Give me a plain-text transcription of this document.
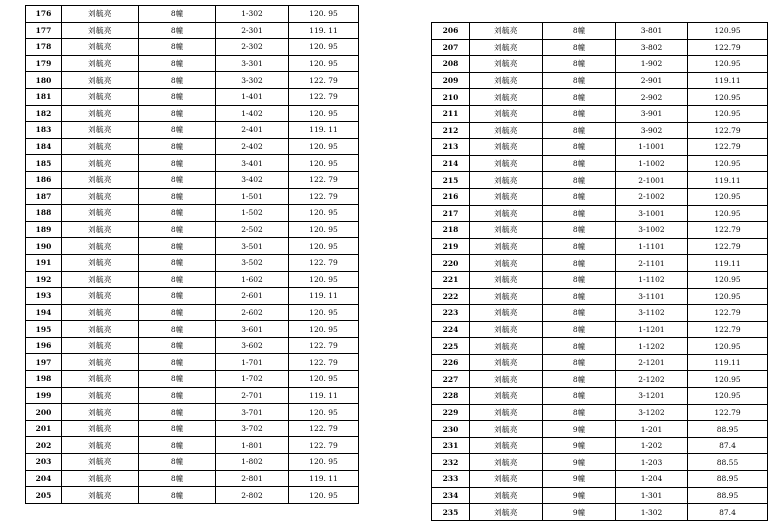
176	刘毓亮	8幢	1-302	120. 95
177	刘毓亮	8幢	2-301	119. 11
178	刘毓亮	8幢	2-302	120. 95
179	刘毓亮	8幢	3-301	120. 95
180	刘毓亮	8幢	3-302	122. 79
181	刘毓亮	8幢	1-401	122. 79
182	刘毓亮	8幢	1-402	120. 95
183	刘毓亮	8幢	2-401	119. 11
184	刘毓亮	8幢	2-402	120. 95
185	刘毓亮	8幢	3-401	120. 95
186	刘毓亮	8幢	3-402	122. 79
187	刘毓亮	8幢	1-501	122. 79
188	刘毓亮	8幢	1-502	120. 95
189	刘毓亮	8幢	2-502	120. 95
190	刘毓亮	8幢	3-501	120. 95
191	刘毓亮	8幢	3-502	122. 79
192	刘毓亮	8幢	1-602	120. 95
193	刘毓亮	8幢	2-601	119. 11
194	刘毓亮	8幢	2-602	120. 95
195	刘毓亮	8幢	3-601	120. 95
196	刘毓亮	8幢	3-602	122. 79
197	刘毓亮	8幢	1-701	122. 79
198	刘毓亮	8幢	1-702	120. 95
199	刘毓亮	8幢	2-701	119. 11
200	刘毓亮	8幢	3-701	120. 95
201	刘毓亮	8幢	3-702	122. 79
202	刘毓亮	8幢	1-801	122. 79
203	刘毓亮	8幢	1-802	120. 95
204	刘毓亮	8幢	2-801	119. 11
205	刘毓亮	8幢	2-802	120. 95
206	刘毓亮	8幢	3-801	120.95
207	刘毓亮	8幢	3-802	122.79
208	刘毓亮	8幢	1-902	120.95
209	刘毓亮	8幢	2-901	119.11
210	刘毓亮	8幢	2-902	120.95
211	刘毓亮	8幢	3-901	120.95
212	刘毓亮	8幢	3-902	122.79
213	刘毓亮	8幢	1-1001	122.79
214	刘毓亮	8幢	1-1002	120.95
215	刘毓亮	8幢	2-1001	119.11
216	刘毓亮	8幢	2-1002	120.95
217	刘毓亮	8幢	3-1001	120.95
218	刘毓亮	8幢	3-1002	122.79
219	刘毓亮	8幢	1-1101	122.79
220	刘毓亮	8幢	2-1101	119.11
221	刘毓亮	8幢	1-1102	120.95
222	刘毓亮	8幢	3-1101	120.95
223	刘毓亮	8幢	3-1102	122.79
224	刘毓亮	8幢	1-1201	122.79
225	刘毓亮	8幢	1-1202	120.95
226	刘毓亮	8幢	2-1201	119.11
227	刘毓亮	8幢	2-1202	120.95
228	刘毓亮	8幢	3-1201	120.95
229	刘毓亮	8幢	3-1202	122.79
230	刘毓亮	9幢	1-201	88.95
231	刘毓亮	9幢	1-202	87.4
232	刘毓亮	9幢	1-203	88.55
233	刘毓亮	9幢	1-204	88.95
234	刘毓亮	9幢	1-301	88.95
235	刘毓亮	9幢	1-302	87.4
